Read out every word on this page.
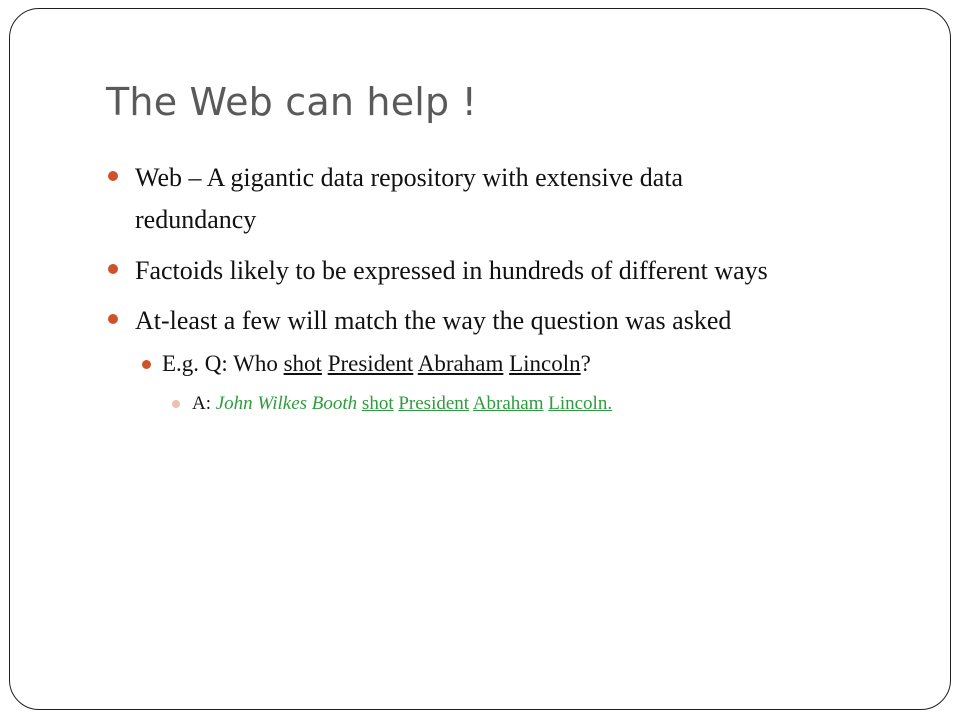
The Web can help !

Web – A gigantic data repository with extensive data

redundancy

Factoids likely to be expressed in hundreds of different ways

At-least a few will match the way the question was asked

E.g. Q: Who shot President Abraham Lincoln?

A: John Wilkes Booth shot President Abraham Lincoln.
